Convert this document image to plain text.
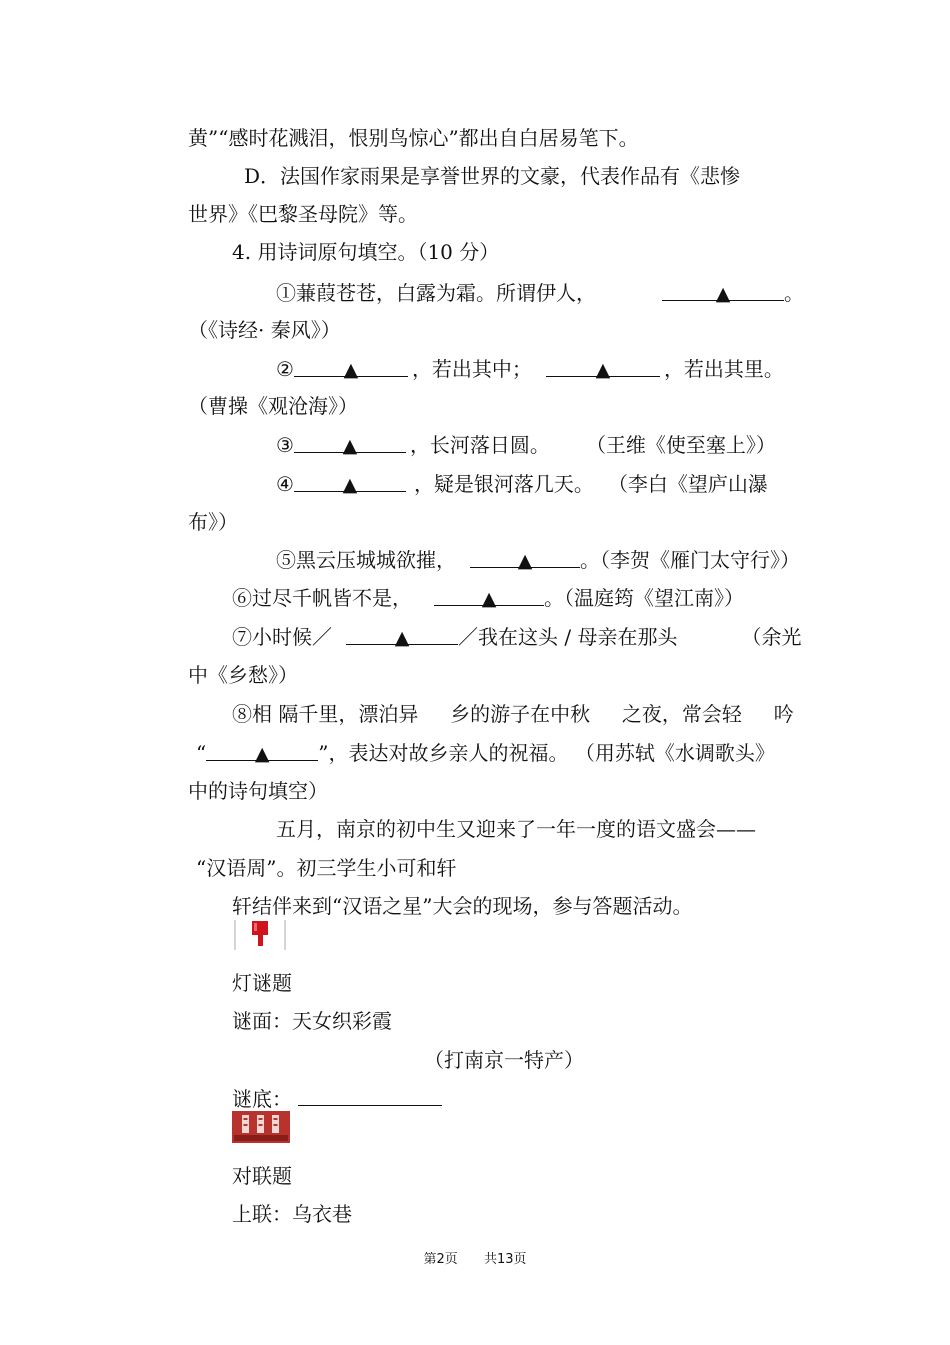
黄”“感时花溅泪，恨别鸟惊心”都出自白居易笔下。
D．法国作家雨果是享誉世界的文豪，代表作品有《悲惨
世界》《巴黎圣母院》等。
4. 用诗词原句填空。（10 分）
①蒹葭苍苍，白露为霜。所谓伊人，	▲	。
（《诗经· 秦风》）
②	▲	，若出其中；	▲	，若出其里。
（曹操《观沧海》）
③	▲	，长河落日圆。 （王维《使至塞上》）
④	▲	，疑是银河落几天。 （李白《望庐山瀑
布》）
⑤黑云压城城欲摧，	▲ 。（李贺《雁门太守行》）
⑥过尽千帆皆不是，	▲ 。（温庭筠《望江南》）
⑦小时候／	▲ ／我在这头 / 母亲在那头	（余光
中《乡愁》）
⑧相 隔千里，漂泊异     乡的游子在中秋     之夜，常会轻     吟
“	▲ ”，表达对故乡亲人的祝福。 （用苏轼《水调歌头》
中的诗句填空）
五月，南京的初中生又迎来了一年一度的语文盛会——
“汉语周”。初三学生小可和轩
轩结伴来到“汉语之星”大会的现场，参与答题活动。
灯谜题
谜面：天女织彩霞
（打南京一特产）
谜底：
对联题
上联：乌衣巷
第2页 共13页
